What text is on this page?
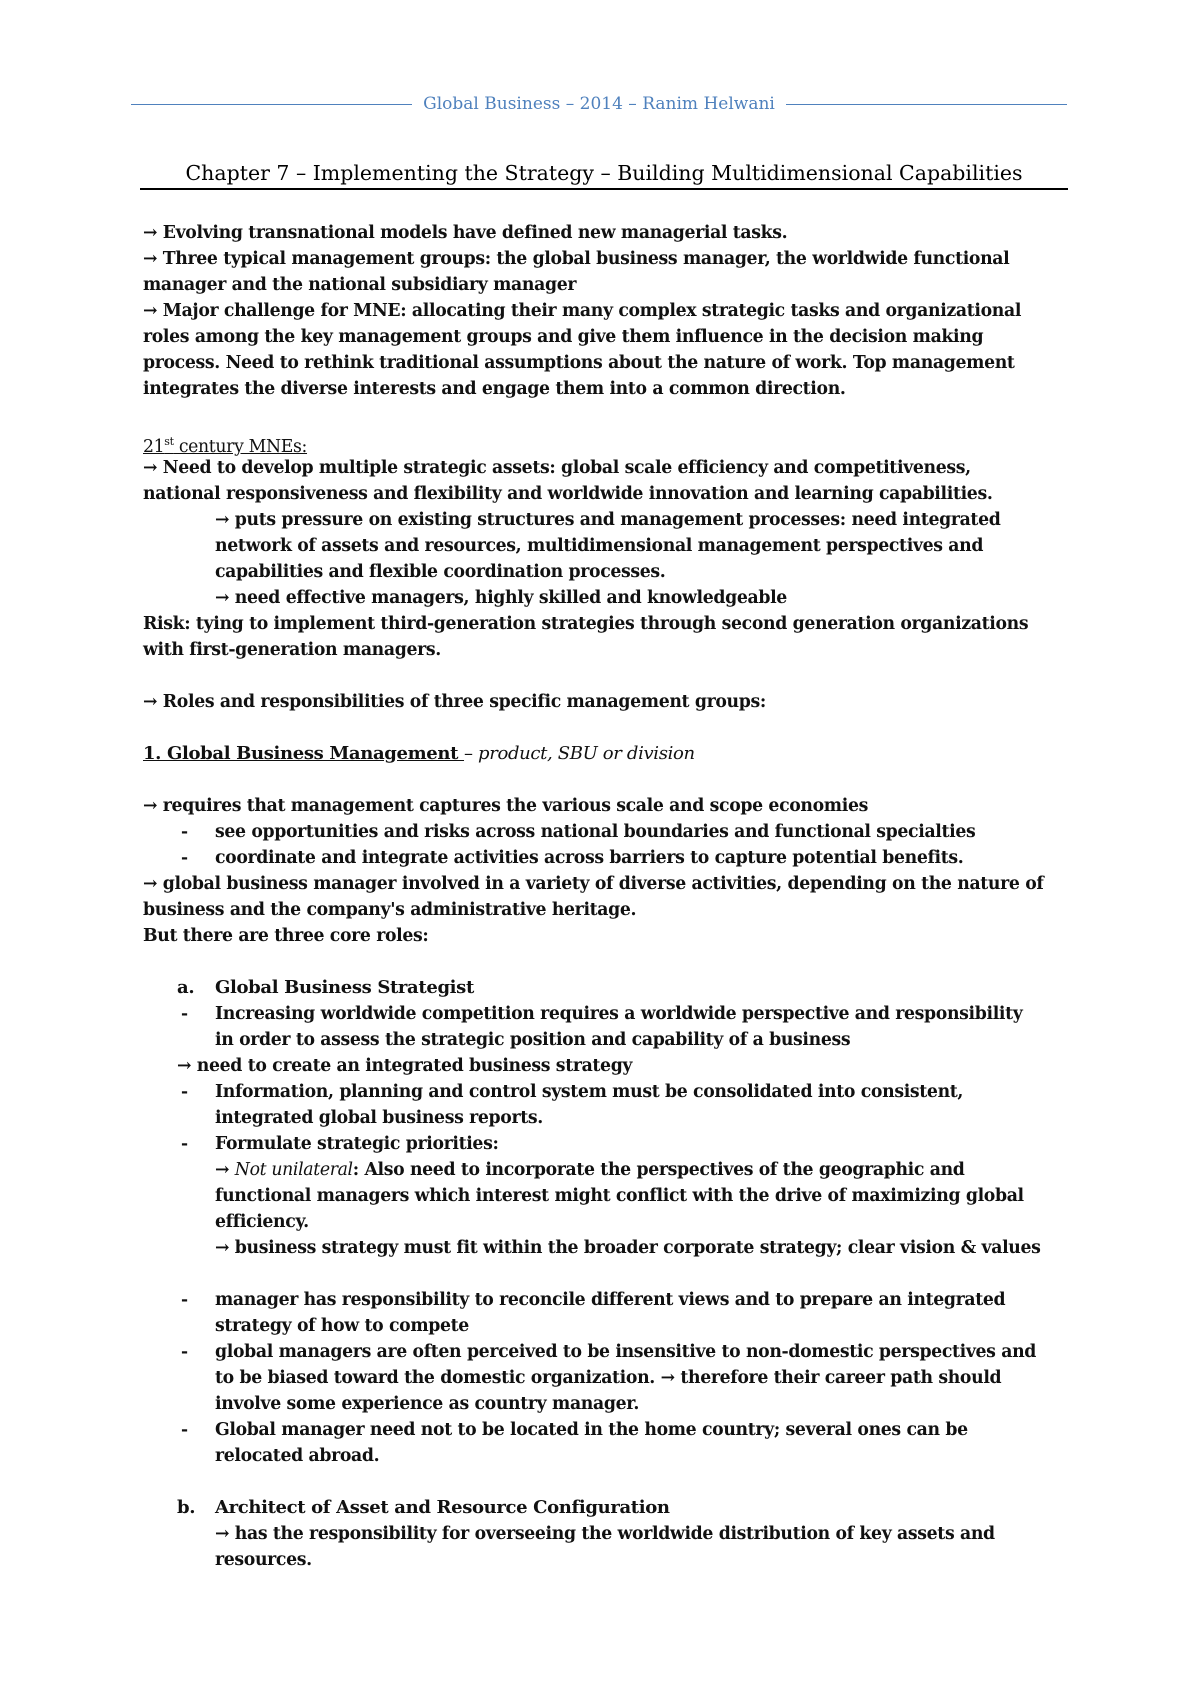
Global Business – 2014 – Ranim Helwani
Chapter 7 – Implementing the Strategy – Building Multidimensional Capabilities
→ Evolving transnational models have defined new managerial tasks.
→ Three typical management groups: the global business manager, the worldwide functional
manager and the national subsidiary manager
→ Major challenge for MNE: allocating their many complex strategic tasks and organizational
roles among the key management groups and give them influence in the decision making
process. Need to rethink traditional assumptions about the nature of work. Top management
integrates the diverse interests and engage them into a common direction.
21st century MNEs:
→ Need to develop multiple strategic assets: global scale efficiency and competitiveness,
national responsiveness and flexibility and worldwide innovation and learning capabilities.
→ puts pressure on existing structures and management processes: need integrated
network of assets and resources, multidimensional management perspectives and
capabilities and flexible coordination processes.
→ need effective managers, highly skilled and knowledgeable
Risk: tying to implement third-generation strategies through second generation organizations
with first-generation managers.
→ Roles and responsibilities of three specific management groups:
1. Global Business Management – product, SBU or division
→ requires that management captures the various scale and scope economies
- see opportunities and risks across national boundaries and functional specialties
- coordinate and integrate activities across barriers to capture potential benefits.
→ global business manager involved in a variety of diverse activities, depending on the nature of
business and the company's administrative heritage.
But there are three core roles:
a. Global Business Strategist
- Increasing worldwide competition requires a worldwide perspective and responsibility
in order to assess the strategic position and capability of a business
→ need to create an integrated business strategy
- Information, planning and control system must be consolidated into consistent,
integrated global business reports.
- Formulate strategic priorities:
→ Not unilateral: Also need to incorporate the perspectives of the geographic and
functional managers which interest might conflict with the drive of maximizing global
efficiency.
→ business strategy must fit within the broader corporate strategy; clear vision & values
- manager has responsibility to reconcile different views and to prepare an integrated
strategy of how to compete
- global managers are often perceived to be insensitive to non-domestic perspectives and
to be biased toward the domestic organization. → therefore their career path should
involve some experience as country manager.
- Global manager need not to be located in the home country; several ones can be
relocated abroad.
b. Architect of Asset and Resource Configuration
→ has the responsibility for overseeing the worldwide distribution of key assets and
resources.
